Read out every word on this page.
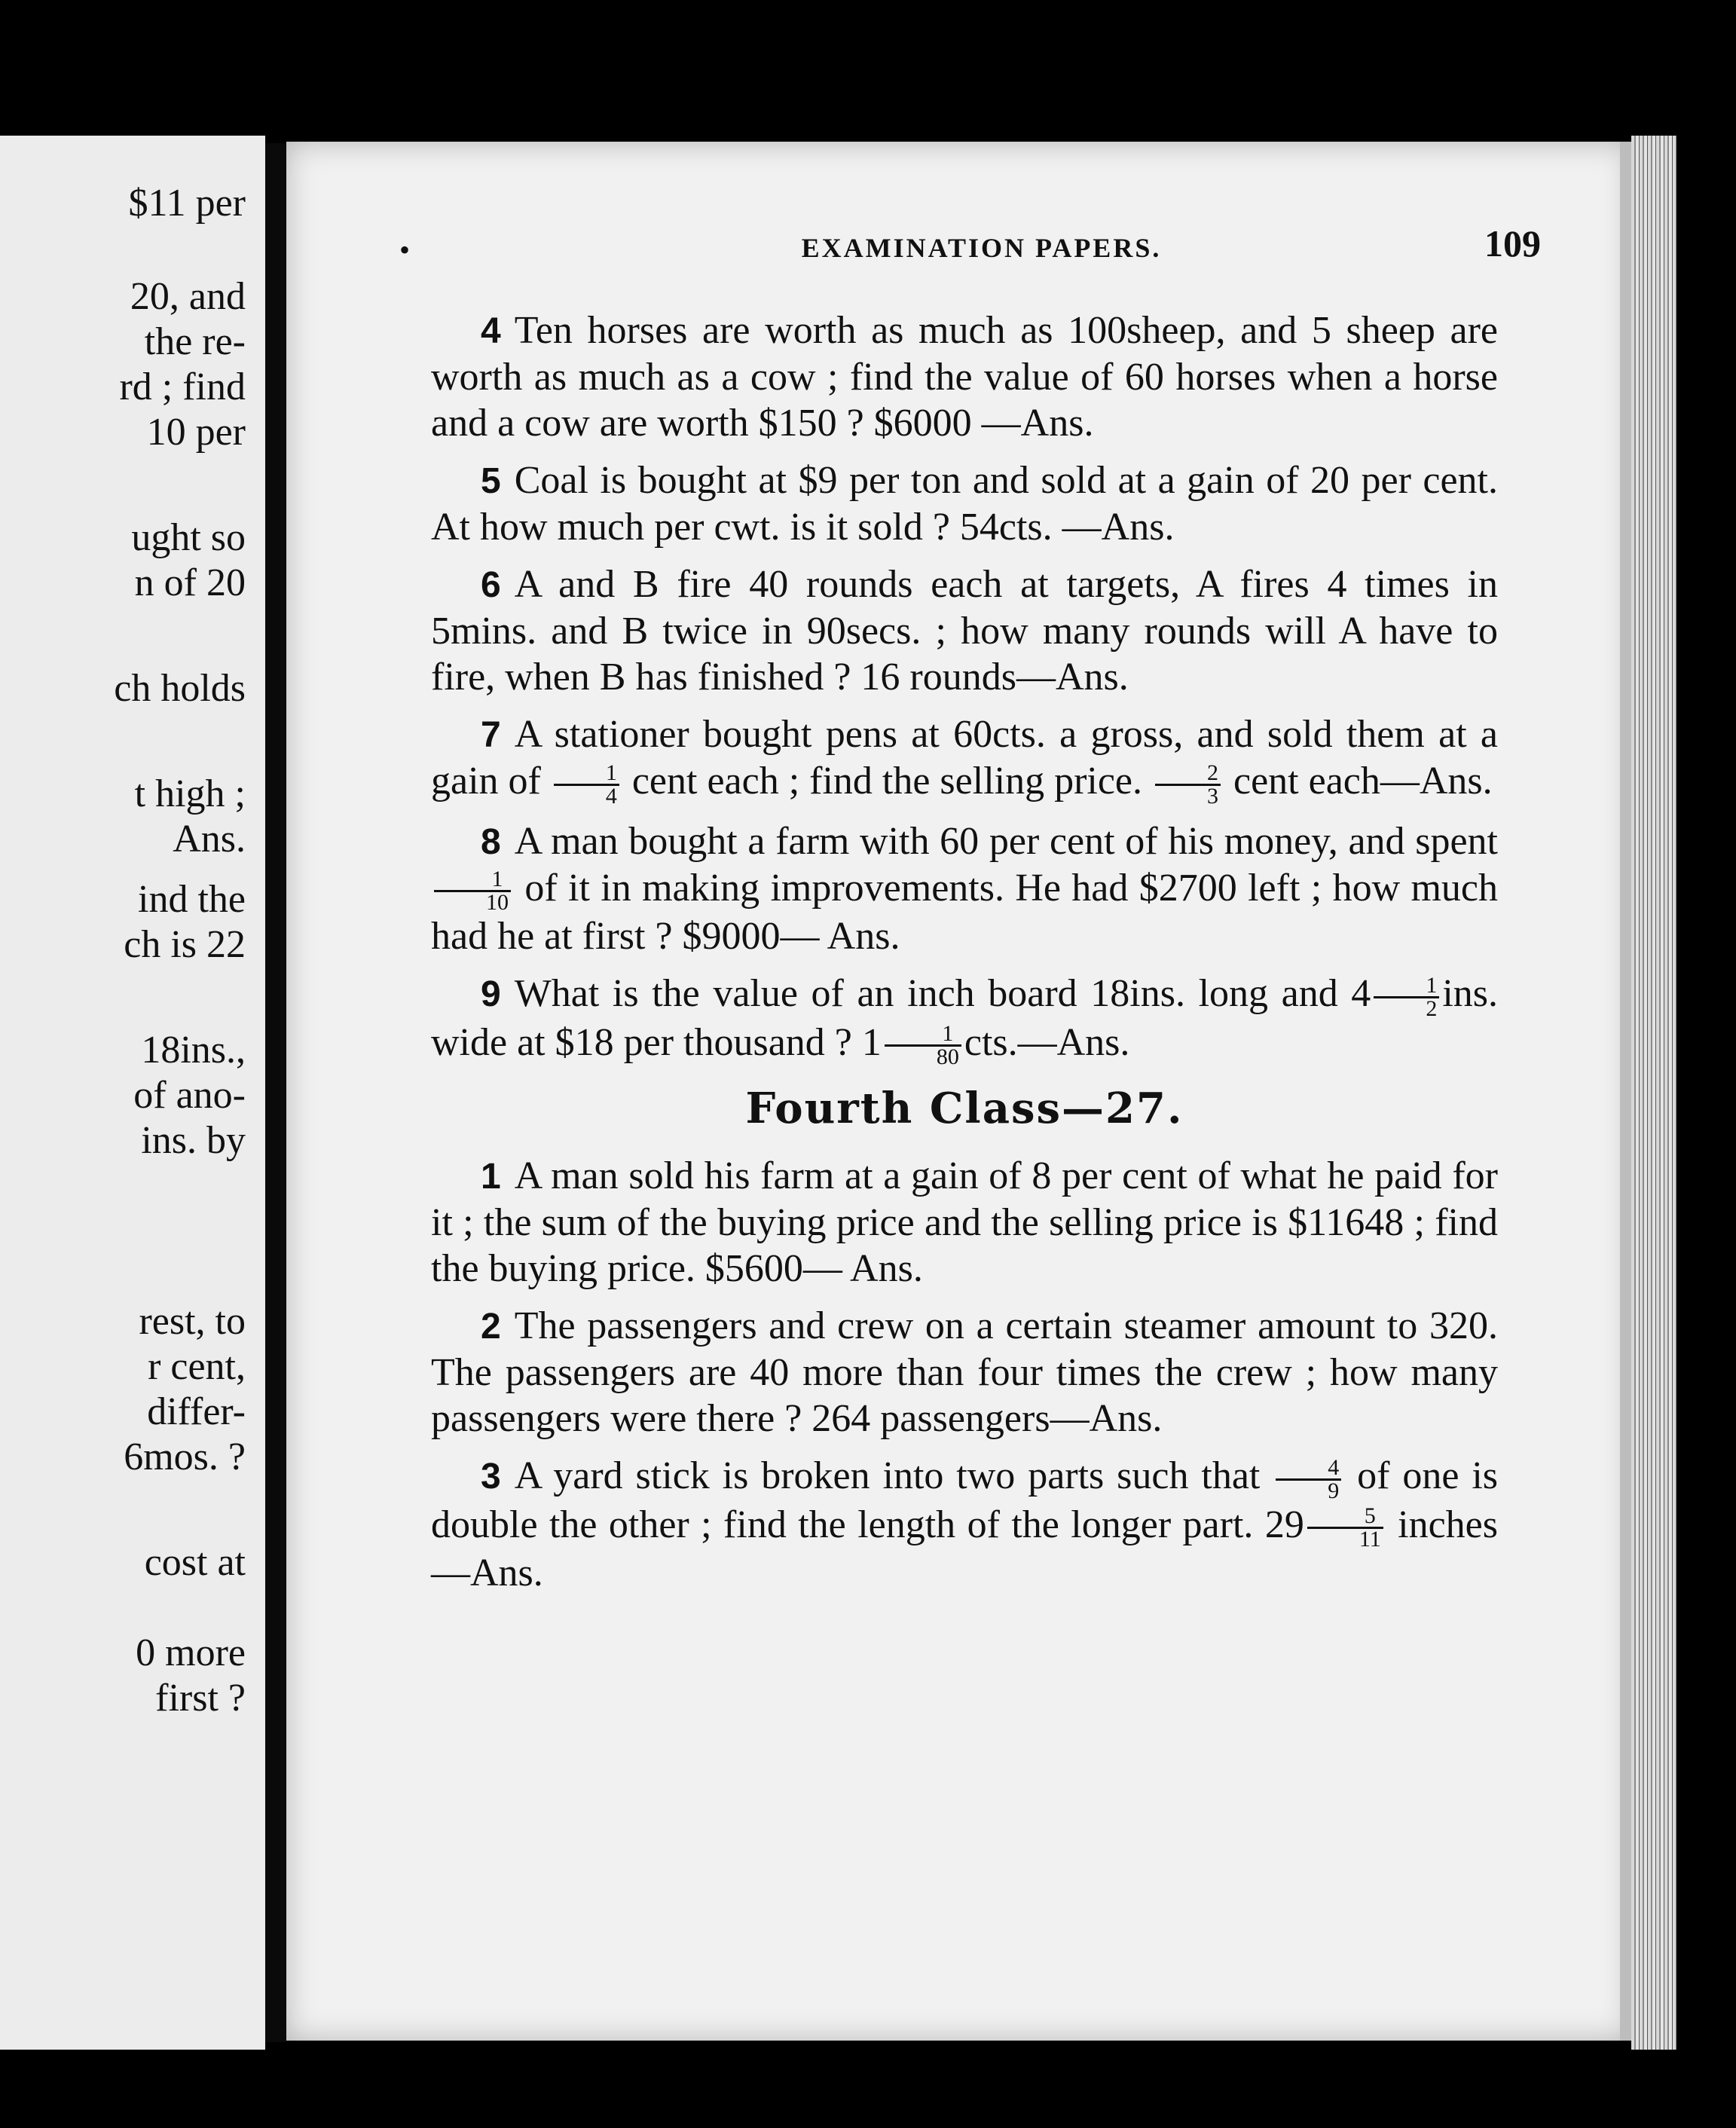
$11 per
20, and
the re-
rd ; find
10 per
ught so
n of 20
ch holds
t high ;
Ans.
ind the
ch is 22
18ins.,
of ano-
ins. by
rest, to
r cent,
differ-
6mos. ?
cost at
0 more
first ?
•	EXAMINATION PAPERS.	109

4 Ten horses are worth as much as 100sheep, and 5 sheep are worth as much as a cow ; find the value of 60 horses when a horse and a cow are worth $150 ? $6000 —Ans.

5 Coal is bought at $9 per ton and sold at a gain of 20 per cent. At how much per cwt. is it sold ? 54cts. —Ans.

6 A and B fire 40 rounds each at targets, A fires 4 times in 5mins. and B twice in 90secs. ; how many rounds will A have to fire, when B has finished ? 16 rounds—Ans.

7 A stationer bought pens at 60cts. a gross, and sold them at a gain of $\frac{1}{4}$ cent each ; find the selling price. $\frac{2}{3}$ cent each—Ans.

8 A man bought a farm with 60 per cent of his money, and spent
$\frac{1}{10}$ of it in making improvements. He had $2700 left ; how much had he at first ? $9000— Ans.

9 What is the value of an inch board 18ins. long and $4 \frac{1}{2}$ ins. wide at $18 per thousand ? $1 \frac{1}{80}$ cts.—Ans.

Fourth Class—27.

1 A man sold his farm at a gain of 8 per cent of what he paid for it ; the sum of the buying price and the selling price is $11648 ; find the buying price. $5600— Ans.

2 The passengers and crew on a certain steamer amount to 320. The passengers are 40 more than four times the crew ; how many passengers were there ? 264 passengers—Ans.

3 A yard stick is broken into two parts such that $\frac{4}{9}$ of one is double the other ; find the length of the longer part. $29 \frac{5}{11}$ inches—Ans.
